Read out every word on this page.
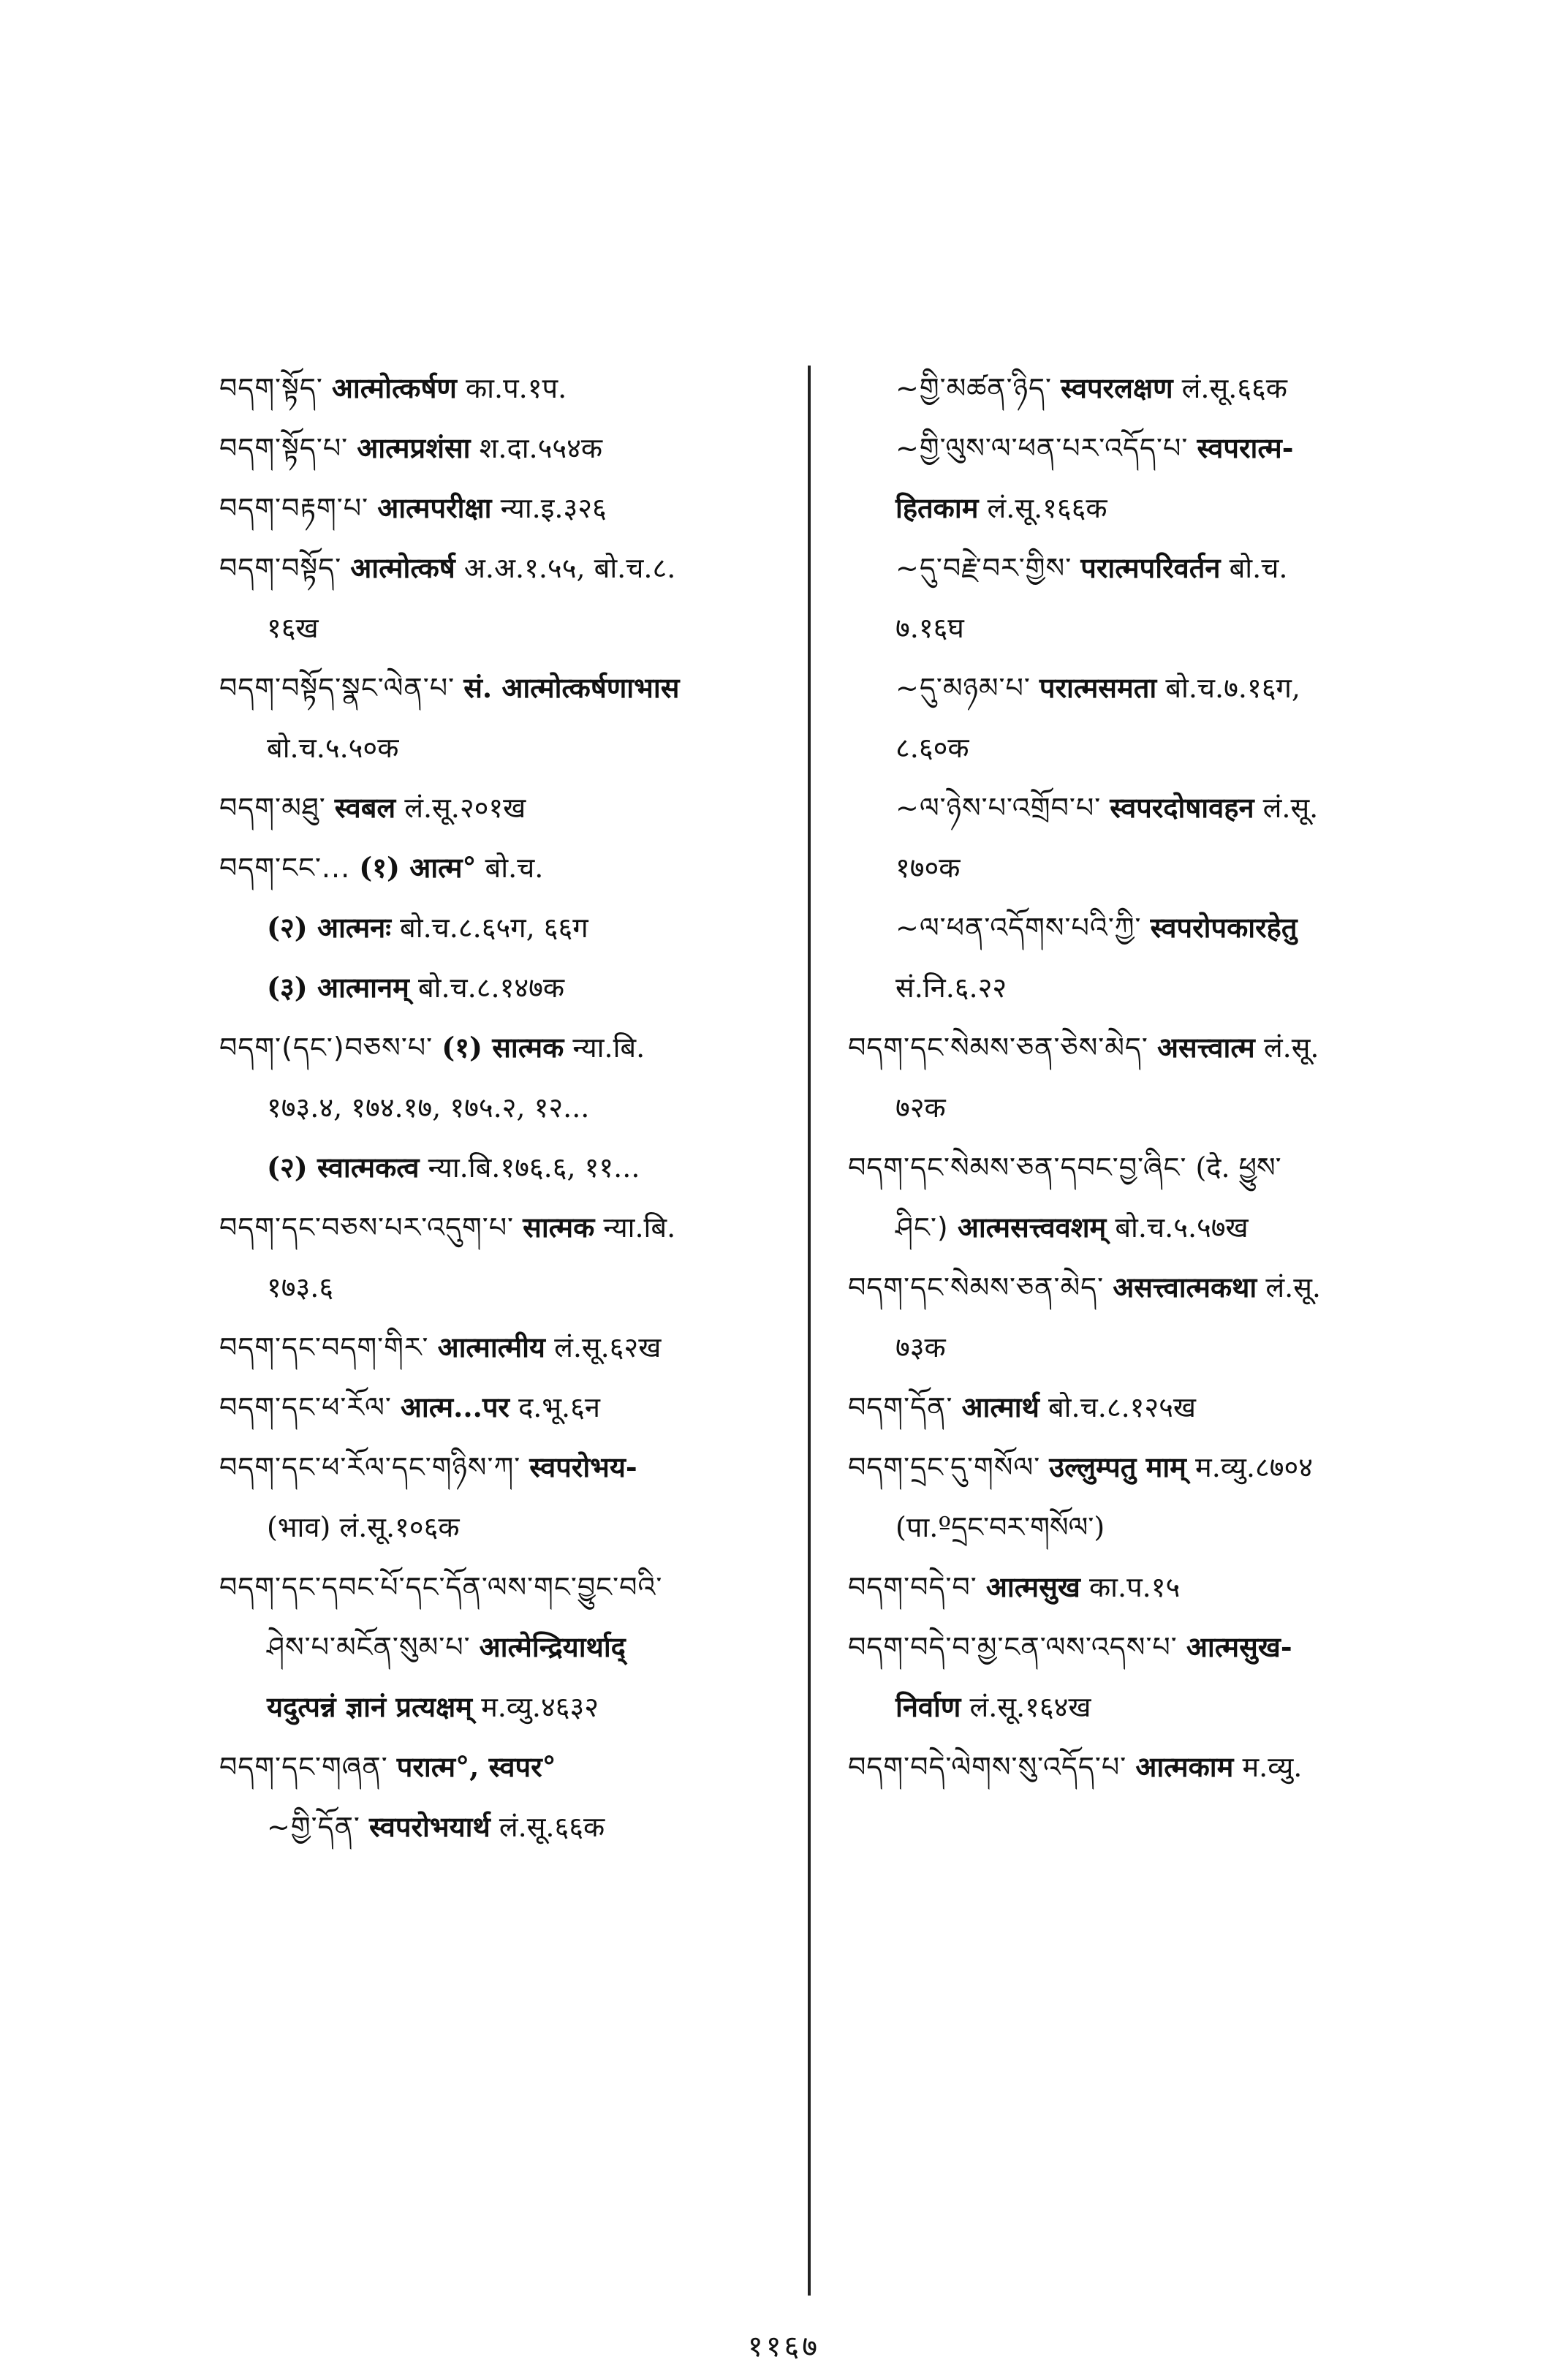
བདག་སྟོད་ आत्मोत्कर्षण का.प.१प.
བདག་སྟོད་པ་ आत्मप्रशंसा श.दा.५५४क
བདག་བརྟག་པ་ आत्मपरीक्षा न्या.इ.३२६
བདག་བསྟོད་ आत्मोत्कर्ष अ.अ.१.५५, बो.च.८.
१६ख
བདག་བསྟོད་སྣང་ལེན་པ་ सं. आत्मोत्कर्षणाभास
बो.च.५.५०क
བདག་མཐུ་ स्वबल लं.सू.२०१ख
བདག་ངང་... (१) आत्म° बो.च.
(२) आत्मनः बो.च.८.६५ग, ६६ग
(३) आत्मानम् बो.च.८.१४७क
བདག་(དང་)བཅས་པ་ (१) सात्मक न्या.बि.
१७३.४, १७४.१७, १७५.२, १२...
(२) स्वात्मकत्व न्या.बि.१७६.६, ११...
བདག་དང་བཅས་པར་འདུག་པ་ सात्मक न्या.बि.
१७३.६
བདག་དང་བདག་གིར་ आत्मात्मीय लं.सू.६२ख
བདག་དང་ཕ་རོལ་ आत्म...पर द.भू.६न
བདག་དང་ཕ་རོལ་དང་གཉིས་ཀ་ स्वपरोभय-
(भाव) लं.सू.१०६क
བདག་དང་དབང་པོ་དང་དོན་ལས་གང་བྱུང་བའི་
ཤེས་པ་མངོན་སུམ་པ་ आत्मेन्द्रियार्थाद्
यदुत्पन्नं ज्ञानं प्रत्यक्षम् म.व्यु.४६३२
བདག་དང་གཞན་ परात्म°, स्वपर°
~གྱི་དོན་ स्वपरोभयार्थ लं.सू.६६क
~གྱི་མཚན་ཉིད་ स्वपरलक्षण लं.सू.६६क
~གྱི་ལུས་ལ་ཕན་པར་འདོད་པ་ स्वपरात्म-
हितकाम लं.सू.१६६क
~དུ་བརྗེ་བར་གྱིས་ परात्मपरिवर्तन बो.च.
७.१६घ
~དུ་མཉམ་པ་ परात्मसमता बो.च.७.१६ग,
८.६०क
~ལ་ཉེས་པ་འགྲོབ་པ་ स्वपरदोषावहन लं.सू.
१७०क
~ལ་ཕན་འདོགས་པའི་ཀྱི་ स्वपरोपकारहेतु
सं.नि.६.२२
བདག་དང་སེམས་ཅན་ཅེས་མེད་ असत्त्वात्म लं.सू.
७२क
བདག་དང་སེམས་ཅན་དབང་བྱ་ཞིང་ (दे. ཕྱུས་
ཤིང་) आत्मसत्त्ववशम् बो.च.५.५७ख
བདག་དང་སེམས་ཅན་མེད་ असत्त्वात्मकथा लं.सू.
७३क
བདག་དོན་ आत्मार्थ बो.च.८.१२५ख
བདག་དྲང་དུ་གསོལ་ उल्लुम्पतु माम् म.व्यु.८७०४
(पा.ºདྲང་བར་གསོལ་)
བདག་བདེ་བ་ आत्मसुख का.प.१५
བདག་བདེ་བ་མྱ་ངན་ལས་འདས་པ་ आत्मसुख-
निर्वाण लं.सू.१६४ख
བདག་བདེ་ལེགས་སུ་འདོད་པ་ आत्मकाम म.व्यु.
११६७
